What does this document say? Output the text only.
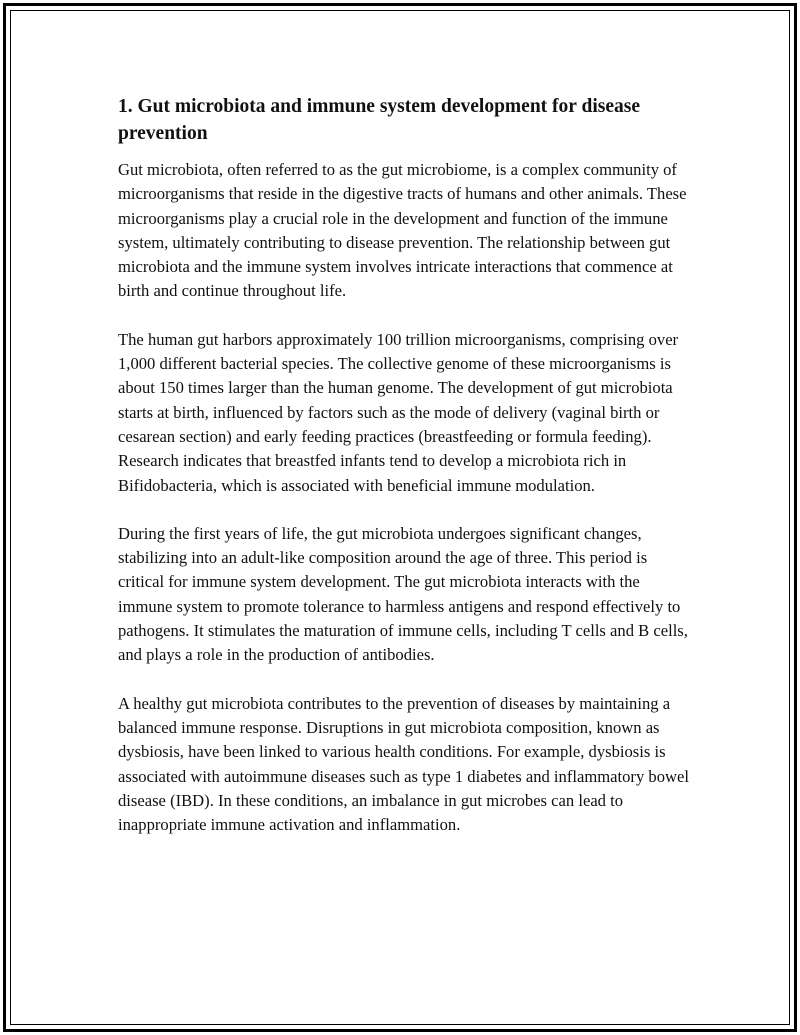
1. Gut microbiota and immune system development for disease prevention

Gut microbiota, often referred to as the gut microbiome, is a complex community of microorganisms that reside in the digestive tracts of humans and other animals. These microorganisms play a crucial role in the development and function of the immune system, ultimately contributing to disease prevention. The relationship between gut microbiota and the immune system involves intricate interactions that commence at birth and continue throughout life.

The human gut harbors approximately 100 trillion microorganisms, comprising over 1,000 different bacterial species. The collective genome of these microorganisms is about 150 times larger than the human genome. The development of gut microbiota starts at birth, influenced by factors such as the mode of delivery (vaginal birth or cesarean section) and early feeding practices (breastfeeding or formula feeding). Research indicates that breastfed infants tend to develop a microbiota rich in Bifidobacteria, which is associated with beneficial immune modulation.

During the first years of life, the gut microbiota undergoes significant changes, stabilizing into an adult-like composition around the age of three. This period is critical for immune system development. The gut microbiota interacts with the immune system to promote tolerance to harmless antigens and respond effectively to pathogens. It stimulates the maturation of immune cells, including T cells and B cells, and plays a role in the production of antibodies.

A healthy gut microbiota contributes to the prevention of diseases by maintaining a balanced immune response. Disruptions in gut microbiota composition, known as dysbiosis, have been linked to various health conditions. For example, dysbiosis is associated with autoimmune diseases such as type 1 diabetes and inflammatory bowel disease (IBD). In these conditions, an imbalance in gut microbes can lead to inappropriate immune activation and inflammation.
